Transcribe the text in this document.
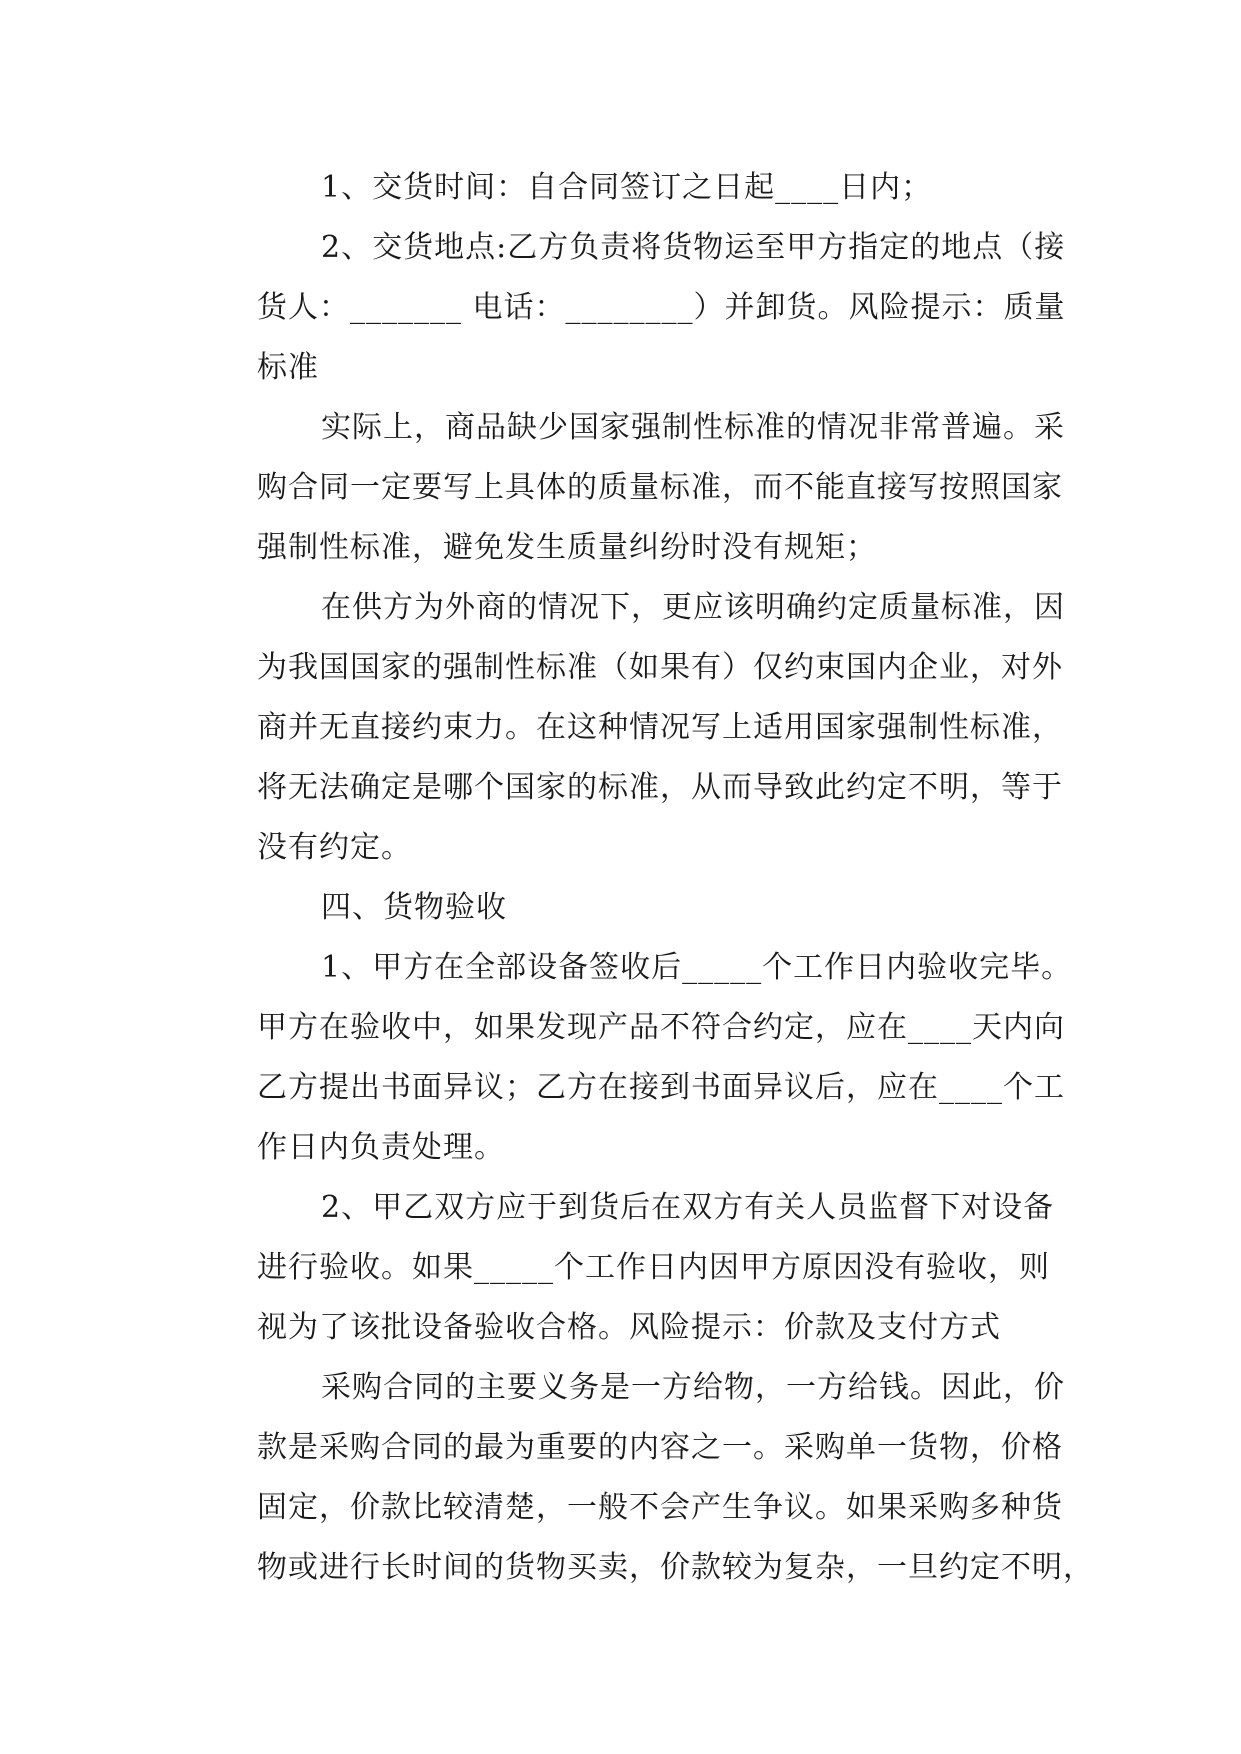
1、交货时间：自合同签订之日起____日内；

2、交货地点:乙方负责将货物运至甲方指定的地点（接
货人：_______ 电话：________）并卸货。风险提示：质量
标准

实际上，商品缺少国家强制性标准的情况非常普遍。采
购合同一定要写上具体的质量标准，而不能直接写按照国家
强制性标准，避免发生质量纠纷时没有规矩；

在供方为外商的情况下，更应该明确约定质量标准，因
为我国国家的强制性标准（如果有）仅约束国内企业，对外
商并无直接约束力。在这种情况写上适用国家强制性标准，
将无法确定是哪个国家的标准，从而导致此约定不明，等于
没有约定。

四、货物验收

1、甲方在全部设备签收后_____个工作日内验收完毕。
甲方在验收中，如果发现产品不符合约定，应在____天内向
乙方提出书面异议；乙方在接到书面异议后，应在____个工
作日内负责处理。

2、甲乙双方应于到货后在双方有关人员监督下对设备
进行验收。如果_____个工作日内因甲方原因没有验收，则
视为了该批设备验收合格。风险提示：价款及支付方式

采购合同的主要义务是一方给物，一方给钱。因此，价
款是采购合同的最为重要的内容之一。采购单一货物，价格
固定，价款比较清楚，一般不会产生争议。如果采购多种货
物或进行长时间的货物买卖，价款较为复杂，一旦约定不明，
